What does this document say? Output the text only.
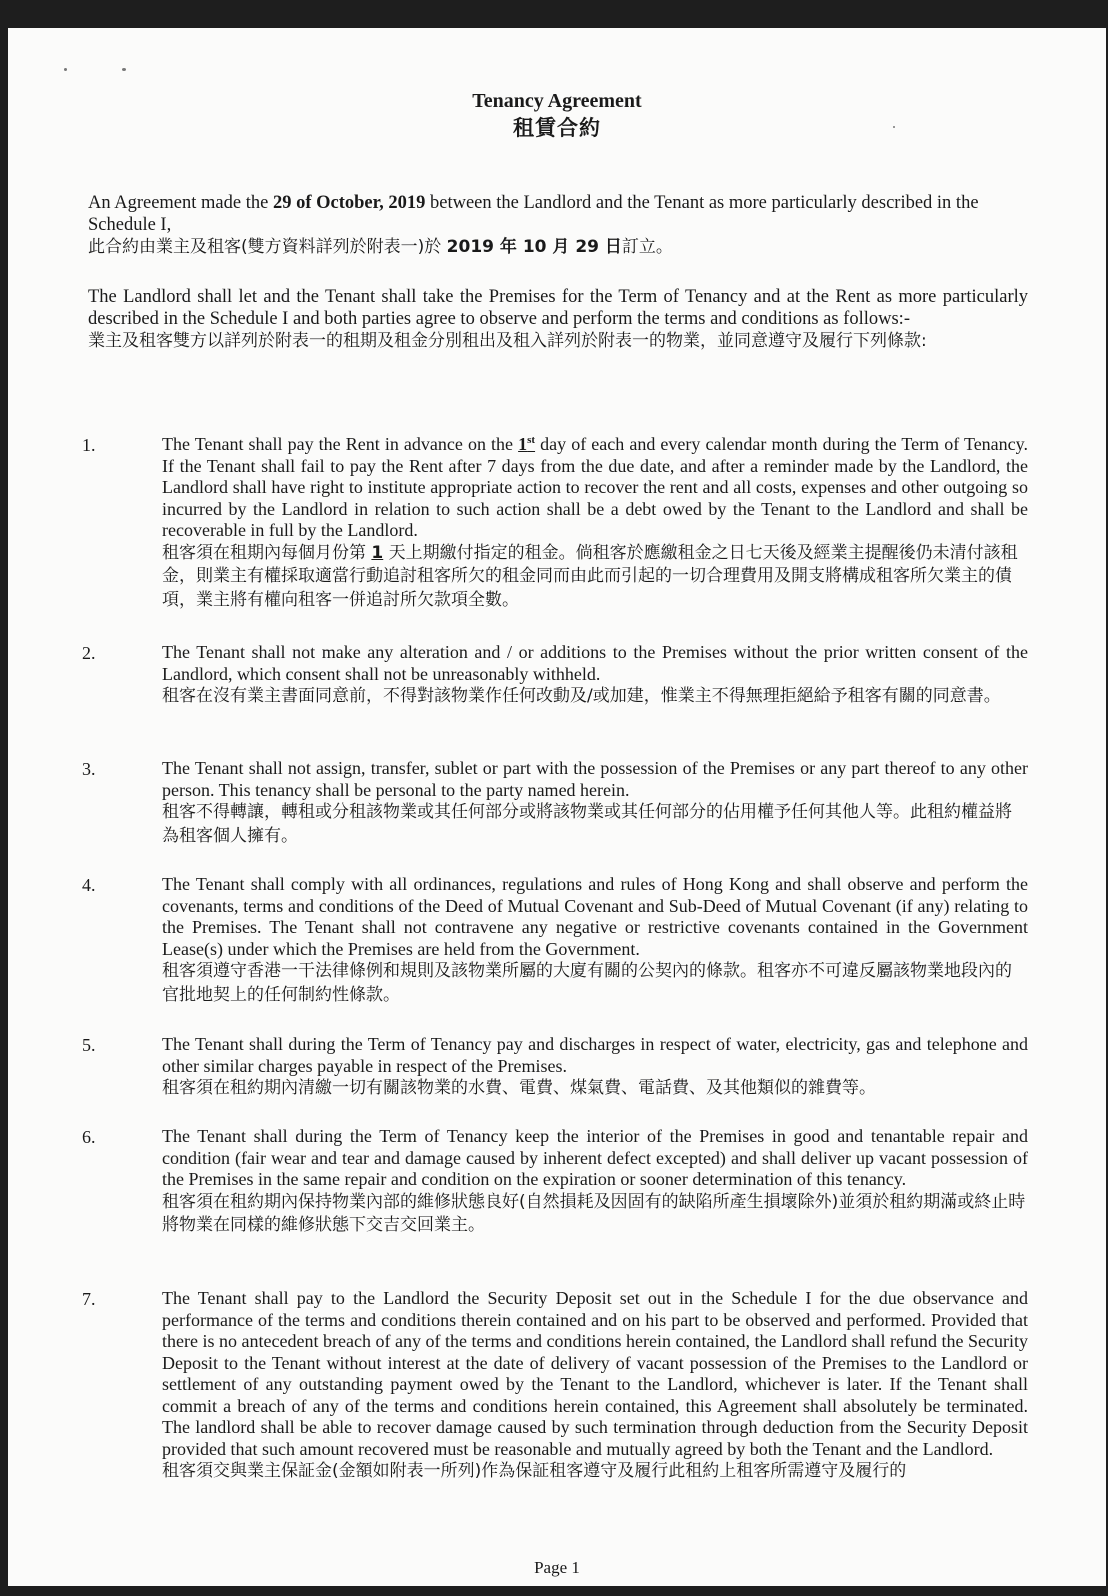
Tenancy Agreement
租賃合約

An Agreement made the 29 of October, 2019 between the Landlord and the Tenant as more particularly described in the Schedule I,

此合約由業主及租客(雙方資料詳列於附表一)於 2019 年 10 月 29 日訂立。

The Landlord shall let and the Tenant shall take the Premises for the Term of Tenancy and at the Rent as more particularly described in the Schedule I and both parties agree to observe and perform the terms and conditions as follows:-

業主及租客雙方以詳列於附表一的租期及租金分別租出及租入詳列於附表一的物業，並同意遵守及履行下列條款:

1.	The Tenant shall pay the Rent in advance on the 1st day of each and every calendar month during the Term of Tenancy. If the Tenant shall fail to pay the Rent after 7 days from the due date, and after a reminder made by the Landlord, the Landlord shall have right to institute appropriate action to recover the rent and all costs, expenses and other outgoing so incurred by the Landlord in relation to such action shall be a debt owed by the Tenant to the Landlord and shall be recoverable in full by the Landlord.

租客須在租期內每個月份第 1 天上期繳付指定的租金。倘租客於應繳租金之日七天後及經業主提醒後仍未清付該租金，則業主有權採取適當行動追討租客所欠的租金同而由此而引起的一切合理費用及開支將構成租客所欠業主的債項，業主將有權向租客一併追討所欠款項全數。

2.	The Tenant shall not make any alteration and / or additions to the Premises without the prior written consent of the Landlord, which consent shall not be unreasonably withheld.

租客在沒有業主書面同意前，不得對該物業作任何改動及/或加建，惟業主不得無理拒絕給予租客有關的同意書。

3.	The Tenant shall not assign, transfer, sublet or part with the possession of the Premises or any part thereof to any other person. This tenancy shall be personal to the party named herein.

租客不得轉讓，轉租或分租該物業或其任何部分或將該物業或其任何部分的佔用權予任何其他人等。此租約權益將為租客個人擁有。

4.	The Tenant shall comply with all ordinances, regulations and rules of Hong Kong and shall observe and perform the covenants, terms and conditions of the Deed of Mutual Covenant and Sub-Deed of Mutual Covenant (if any) relating to the Premises. The Tenant shall not contravene any negative or restrictive covenants contained in the Government Lease(s) under which the Premises are held from the Government.

租客須遵守香港一干法律條例和規則及該物業所屬的大廈有關的公契內的條款。租客亦不可違反屬該物業地段內的官批地契上的任何制約性條款。

5.	The Tenant shall during the Term of Tenancy pay and discharges in respect of water, electricity, gas and telephone and other similar charges payable in respect of the Premises.

租客須在租約期內清繳一切有關該物業的水費、電費、煤氣費、電話費、及其他類似的雜費等。

6.	The Tenant shall during the Term of Tenancy keep the interior of the Premises in good and tenantable repair and condition (fair wear and tear and damage caused by inherent defect excepted) and shall deliver up vacant possession of the Premises in the same repair and condition on the expiration or sooner determination of this tenancy.

租客須在租約期內保持物業內部的維修狀態良好(自然損耗及因固有的缺陷所產生損壞除外)並須於租約期滿或終止時將物業在同樣的維修狀態下交吉交回業主。

7.	The Tenant shall pay to the Landlord the Security Deposit set out in the Schedule I for the due observance and performance of the terms and conditions therein contained and on his part to be observed and performed. Provided that there is no antecedent breach of any of the terms and conditions herein contained, the Landlord shall refund the Security Deposit to the Tenant without interest at the date of delivery of vacant possession of the Premises to the Landlord or settlement of any outstanding payment owed by the Tenant to the Landlord, whichever is later. If the Tenant shall commit a breach of any of the terms and conditions herein contained, this Agreement shall absolutely be terminated. The landlord shall be able to recover damage caused by such termination through deduction from the Security Deposit provided that such amount recovered must be reasonable and mutually agreed by both the Tenant and the Landlord.

租客須交與業主保証金(金額如附表一所列)作為保証租客遵守及履行此租約上租客所需遵守及履行的

Page 1
